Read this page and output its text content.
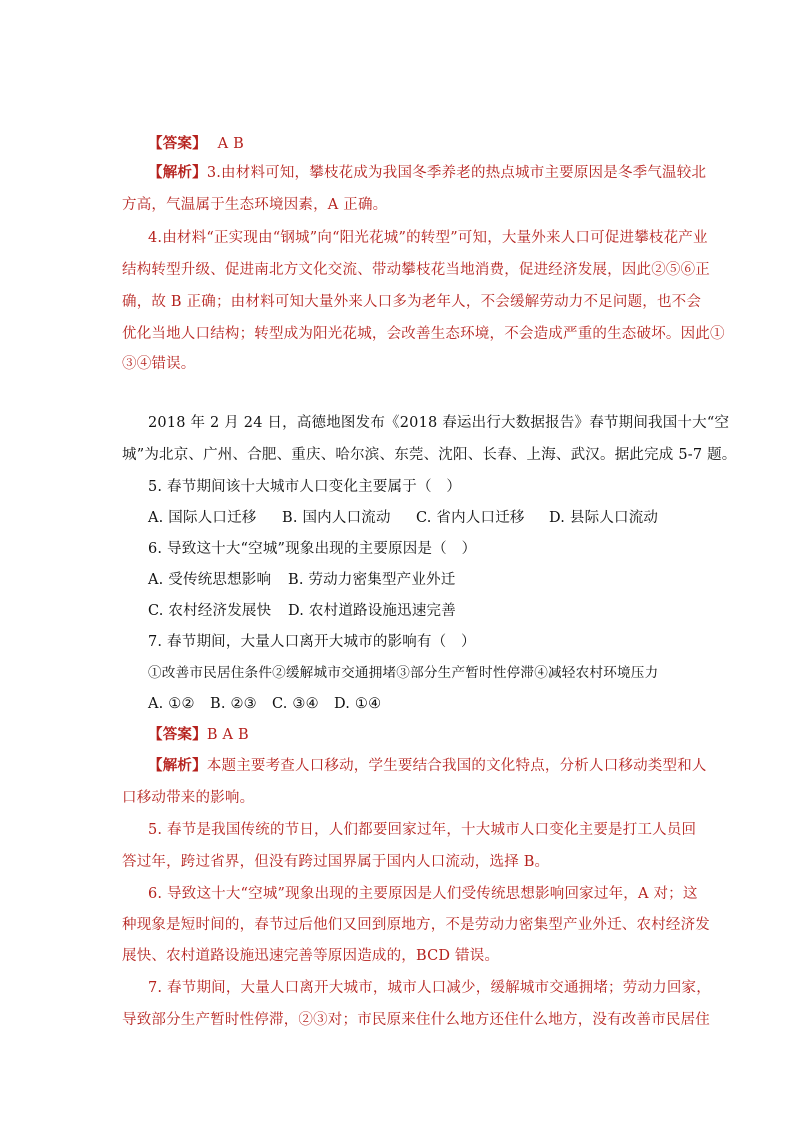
【答案】 A B
【解析】3.由材料可知，攀枝花成为我国冬季养老的热点城市主要原因是冬季气温较北
方高，气温属于生态环境因素，A 正确。
4.由材料“正实现由“钢城”向“阳光花城”的转型”可知，大量外来人口可促进攀枝花产业
结构转型升级、促进南北方文化交流、带动攀枝花当地消费，促进经济发展，因此②⑤⑥正
确，故 B 正确；由材料可知大量外来人口多为老年人，不会缓解劳动力不足问题，也不会
优化当地人口结构；转型成为阳光花城，会改善生态环境，不会造成严重的生态破坏。因此①
③④错误。
2018 年 2 月 24 日，高德地图发布《2018 春运出行大数据报告》春节期间我国十大“空
城”为北京、广州、合肥、重庆、哈尔滨、东莞、沈阳、长春、上海、武汉。据此完成 5-7 题。
5. 春节期间该十大城市人口变化主要属于（　）
A. 国际人口迁移 B. 国内人口流动 C. 省内人口迁移 D. 县际人口流动
6. 导致这十大“空城”现象出现的主要原因是（　）
A. 受传统思想影响 B. 劳动力密集型产业外迁
C. 农村经济发展快 D. 农村道路设施迅速完善
7. 春节期间，大量人口离开大城市的影响有（　）
①改善市民居住条件②缓解城市交通拥堵③部分生产暂时性停滞④减轻农村环境压力
A. ①② B. ②③ C. ③④ D. ①④
【答案】B A B
【解析】本题主要考查人口移动，学生要结合我国的文化特点，分析人口移动类型和人
口移动带来的影响。
5. 春节是我国传统的节日，人们都要回家过年，十大城市人口变化主要是打工人员回
答过年，跨过省界，但没有跨过国界属于国内人口流动，选择 B。
6. 导致这十大“空城”现象出现的主要原因是人们受传统思想影响回家过年，A 对；这
种现象是短时间的，春节过后他们又回到原地方，不是劳动力密集型产业外迁、农村经济发
展快、农村道路设施迅速完善等原因造成的，BCD 错误。
7. 春节期间，大量人口离开大城市，城市人口减少，缓解城市交通拥堵；劳动力回家，
导致部分生产暂时性停滞，②③对；市民原来住什么地方还住什么地方，没有改善市民居住
